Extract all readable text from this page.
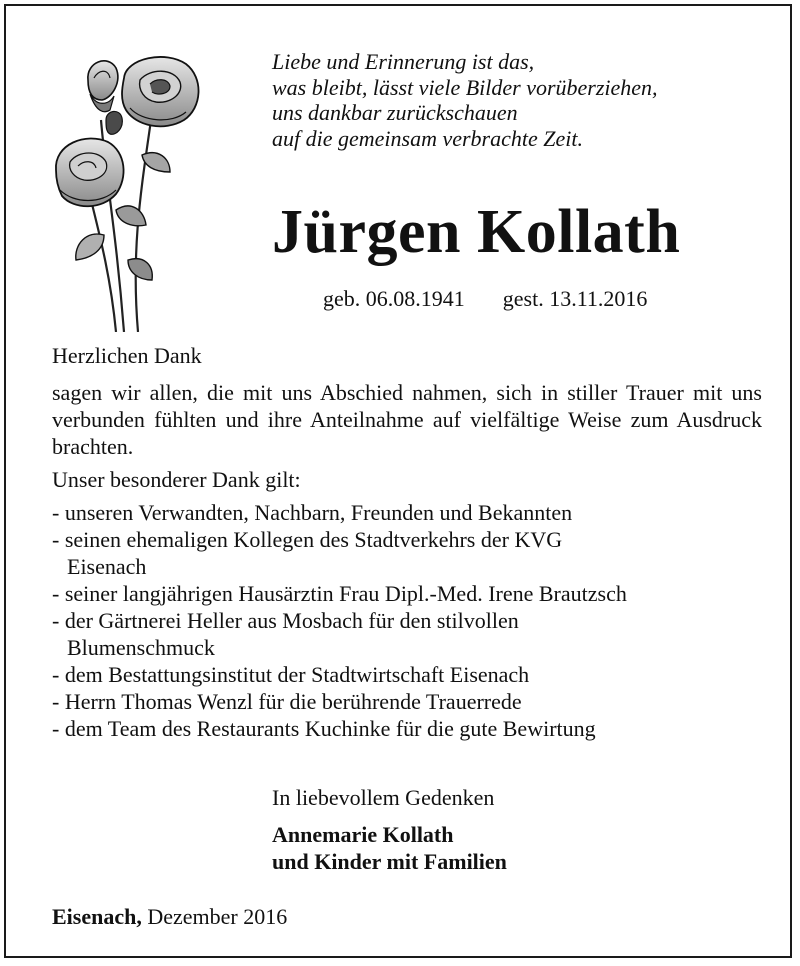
Liebe und Erinnerung ist das,
was bleibt, lässt viele Bilder vorüberziehen,
uns dankbar zurückschauen
auf die gemeinsam verbrachte Zeit.
Jürgen Kollath
geb. 06.08.1941 gest. 13.11.2016

Herzlichen Dank

sagen wir allen, die mit uns Abschied nahmen, sich in stiller Trauer mit uns verbunden fühlten und ihre Anteilnahme auf vielfältige Weise zum Ausdruck brachten.

Unser besonderer Dank gilt:

- unseren Verwandten, Nachbarn, Freunden und Bekannten
- seinen ehemaligen Kollegen des Stadtverkehrs der KVG Eisenach
- seiner langjährigen Hausärztin Frau Dipl.-Med. Irene Brautzsch
- der Gärtnerei Heller aus Mosbach für den stilvollen Blumenschmuck
- dem Bestattungsinstitut der Stadtwirtschaft Eisenach
- Herrn Thomas Wenzl für die berührende Trauerrede
- dem Team des Restaurants Kuchinke für die gute Bewirtung

In liebevollem Gedenken

Annemarie Kollath

und Kinder mit Familien

Eisenach, Dezember 2016
